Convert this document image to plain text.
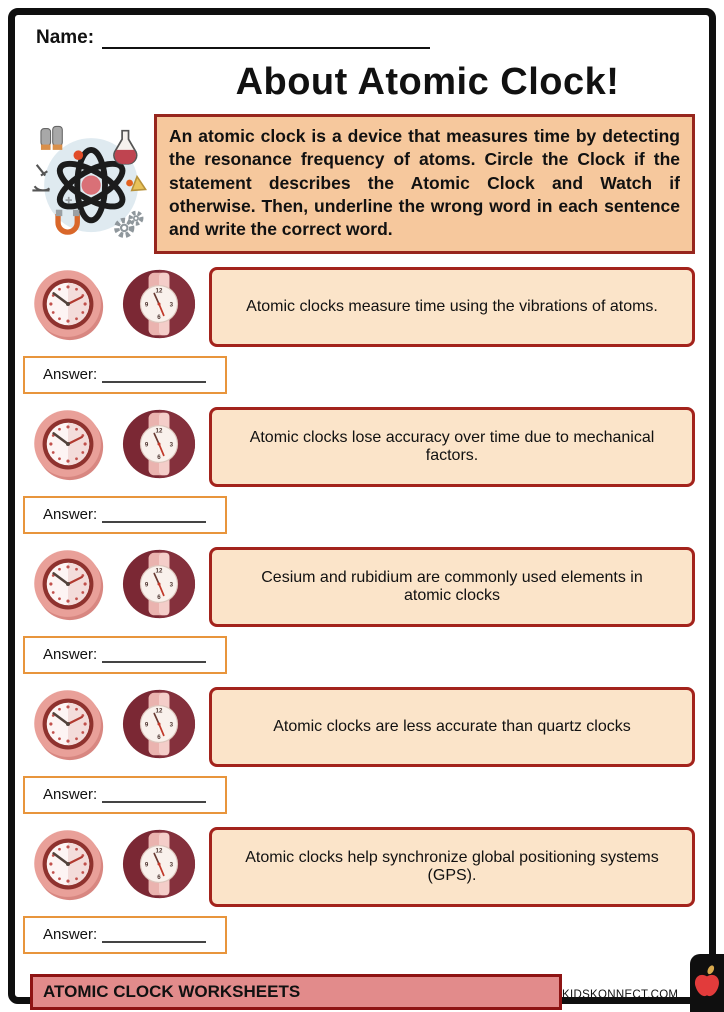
Name:
About Atomic Clock!
An atomic clock is a device that measures time by detecting the resonance frequency of atoms. Circle the Clock if the statement describes the Atomic Clock and Watch if otherwise. Then, underline the wrong word in each sentence and write the correct word.
Atomic clocks measure time using the vibrations of atoms.
Answer:
Atomic clocks lose accuracy over time due to mechanical factors.
Answer:
Cesium and rubidium are commonly used elements in atomic clocks
Answer:
Atomic clocks are less accurate than quartz clocks
Answer:
Atomic clocks help synchronize global positioning systems (GPS).
Answer:
ATOMIC CLOCK WORKSHEETS	KIDSKONNECT.COM
